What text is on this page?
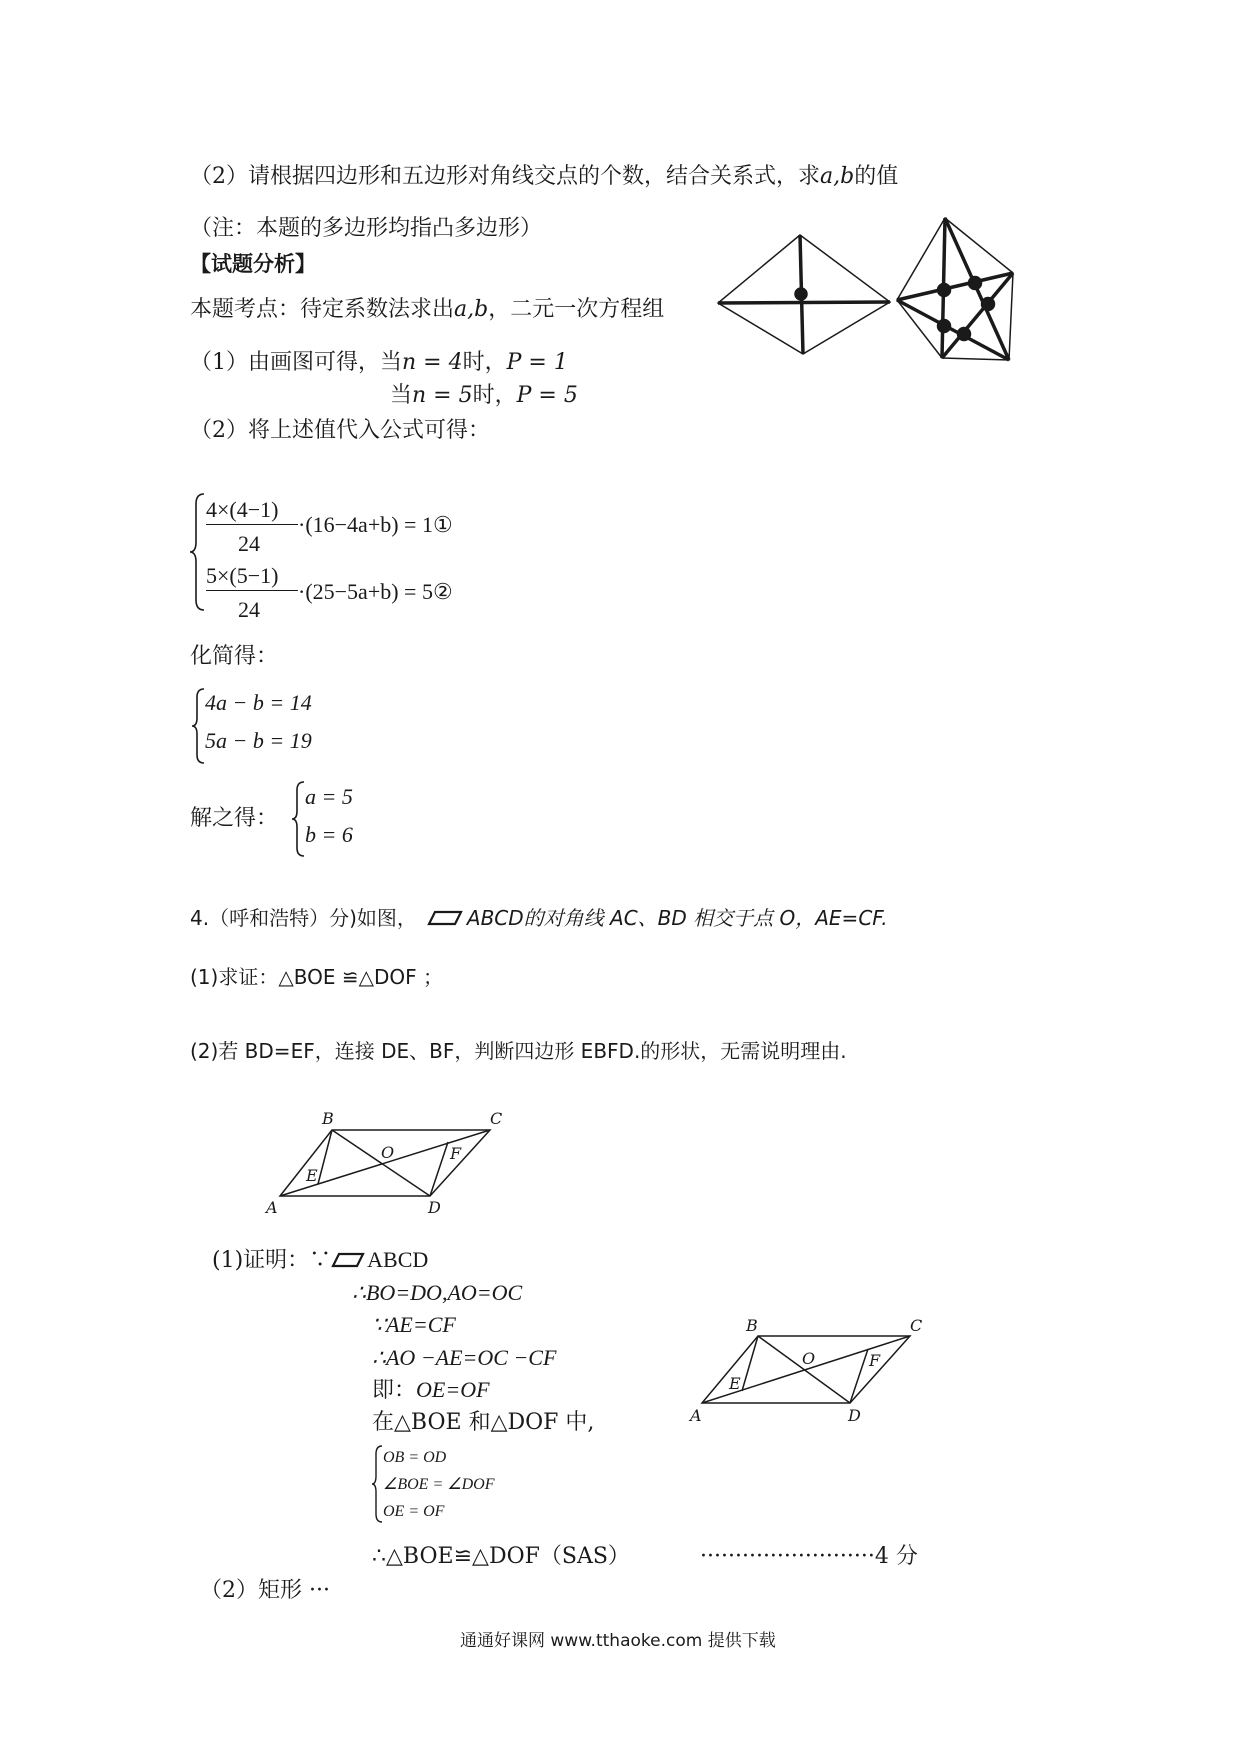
（2）请根据四边形和五边形对角线交点的个数，结合关系式，求a,b的值
（注：本题的多边形均指凸多边形）
【试题分析】
本题考点：待定系数法求出a,b，二元一次方程组
（1）由画图可得，当n = 4时，P = 1
当n = 5时，P = 5
（2）将上述值代入公式可得：
4×(4−1)
24
·(16−4a+b) = 1①
5×(5−1)
24
·(25−5a+b) = 5②
化简得：
4a − b = 14
5a − b = 19
解之得：
a = 5
b = 6
4.（呼和浩特）分)如图，	ABCD的对角线 AC、BD 相交于点 O，AE=CF.
(1)求证：△BOE ≌△DOF ；
(2)若 BD=EF，连接 DE、BF，判断四边形 EBFD.的形状，无需说明理由.
A
B	C
D
E
F
O
(1)证明：∵ ABCD
∴BO=DO,AO=OC
∵AE=CF
∴AO −AE=OC −CF
即：OE=OF
在△BOE 和△DOF 中,
OB = OD
∠BOE = ∠DOF
OE = OF
∴△BOE≌△DOF（SAS）	·························4 分
（2）矩形 ···
A
B	C
D
E
F
O
通通好课网 www.tthaoke.com 提供下载
